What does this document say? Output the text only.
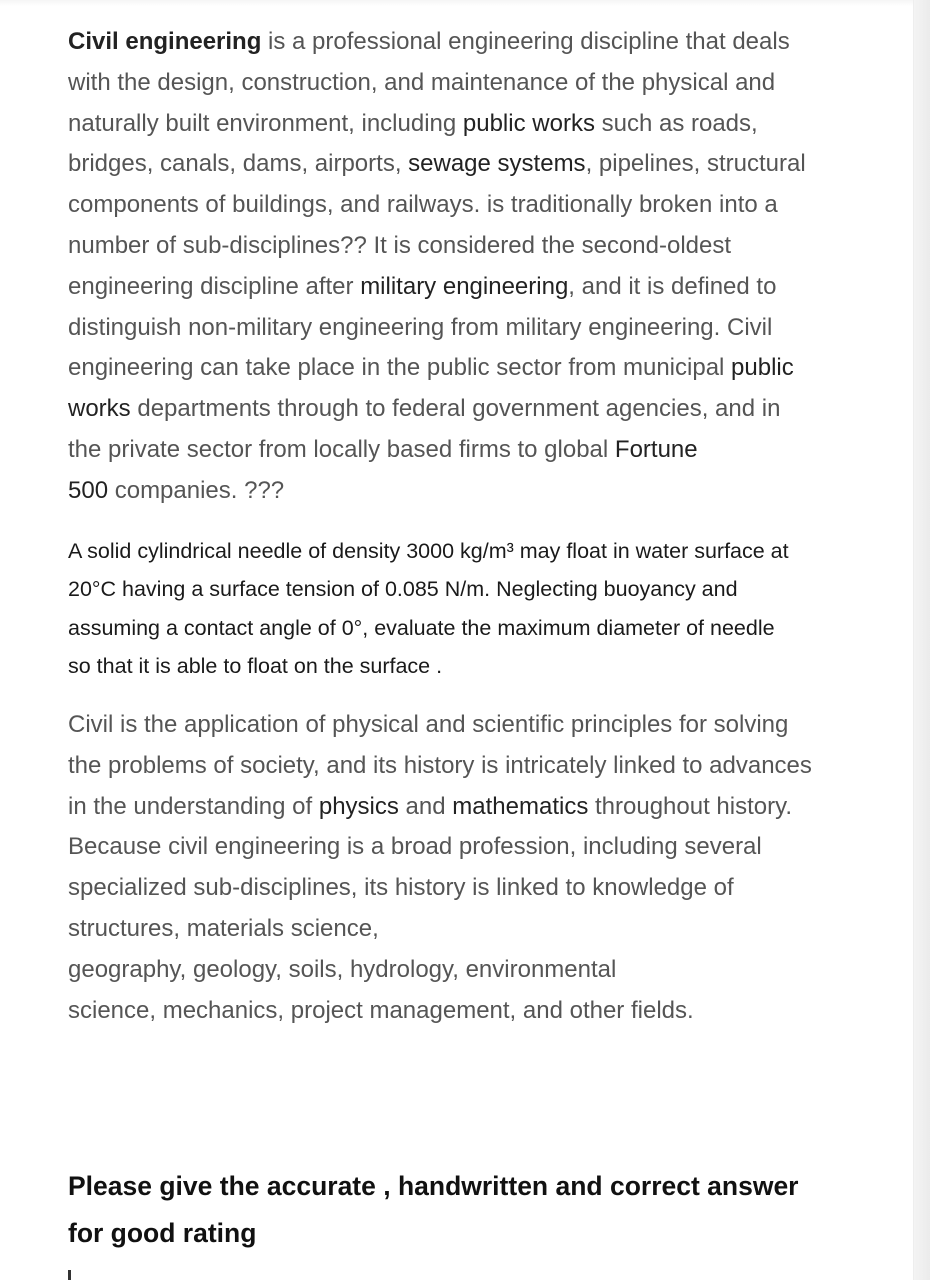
Civil engineering is a professional engineering discipline that deals
with the design, construction, and maintenance of the physical and
naturally built environment, including public works such as roads,
bridges, canals, dams, airports, sewage systems, pipelines, structural
components of buildings, and railways. is traditionally broken into a
number of sub-disciplines?? It is considered the second-oldest
engineering discipline after military engineering, and it is defined to
distinguish non-military engineering from military engineering. Civil
engineering can take place in the public sector from municipal public
works departments through to federal government agencies, and in
the private sector from locally based firms to global Fortune
500 companies. ???

A solid cylindrical needle of density 3000 kg/m³ may float in water surface at
20°C having a surface tension of 0.085 N/m. Neglecting buoyancy and
assuming a contact angle of 0°, evaluate the maximum diameter of needle
so that it is able to float on the surface .

Civil is the application of physical and scientific principles for solving
the problems of society, and its history is intricately linked to advances
in the understanding of physics and mathematics throughout history.
Because civil engineering is a broad profession, including several
specialized sub-disciplines, its history is linked to knowledge of
structures, materials science,
geography, geology, soils, hydrology, environmental
science, mechanics, project management, and other fields.

Please give the accurate , handwritten and correct answer
for good rating
